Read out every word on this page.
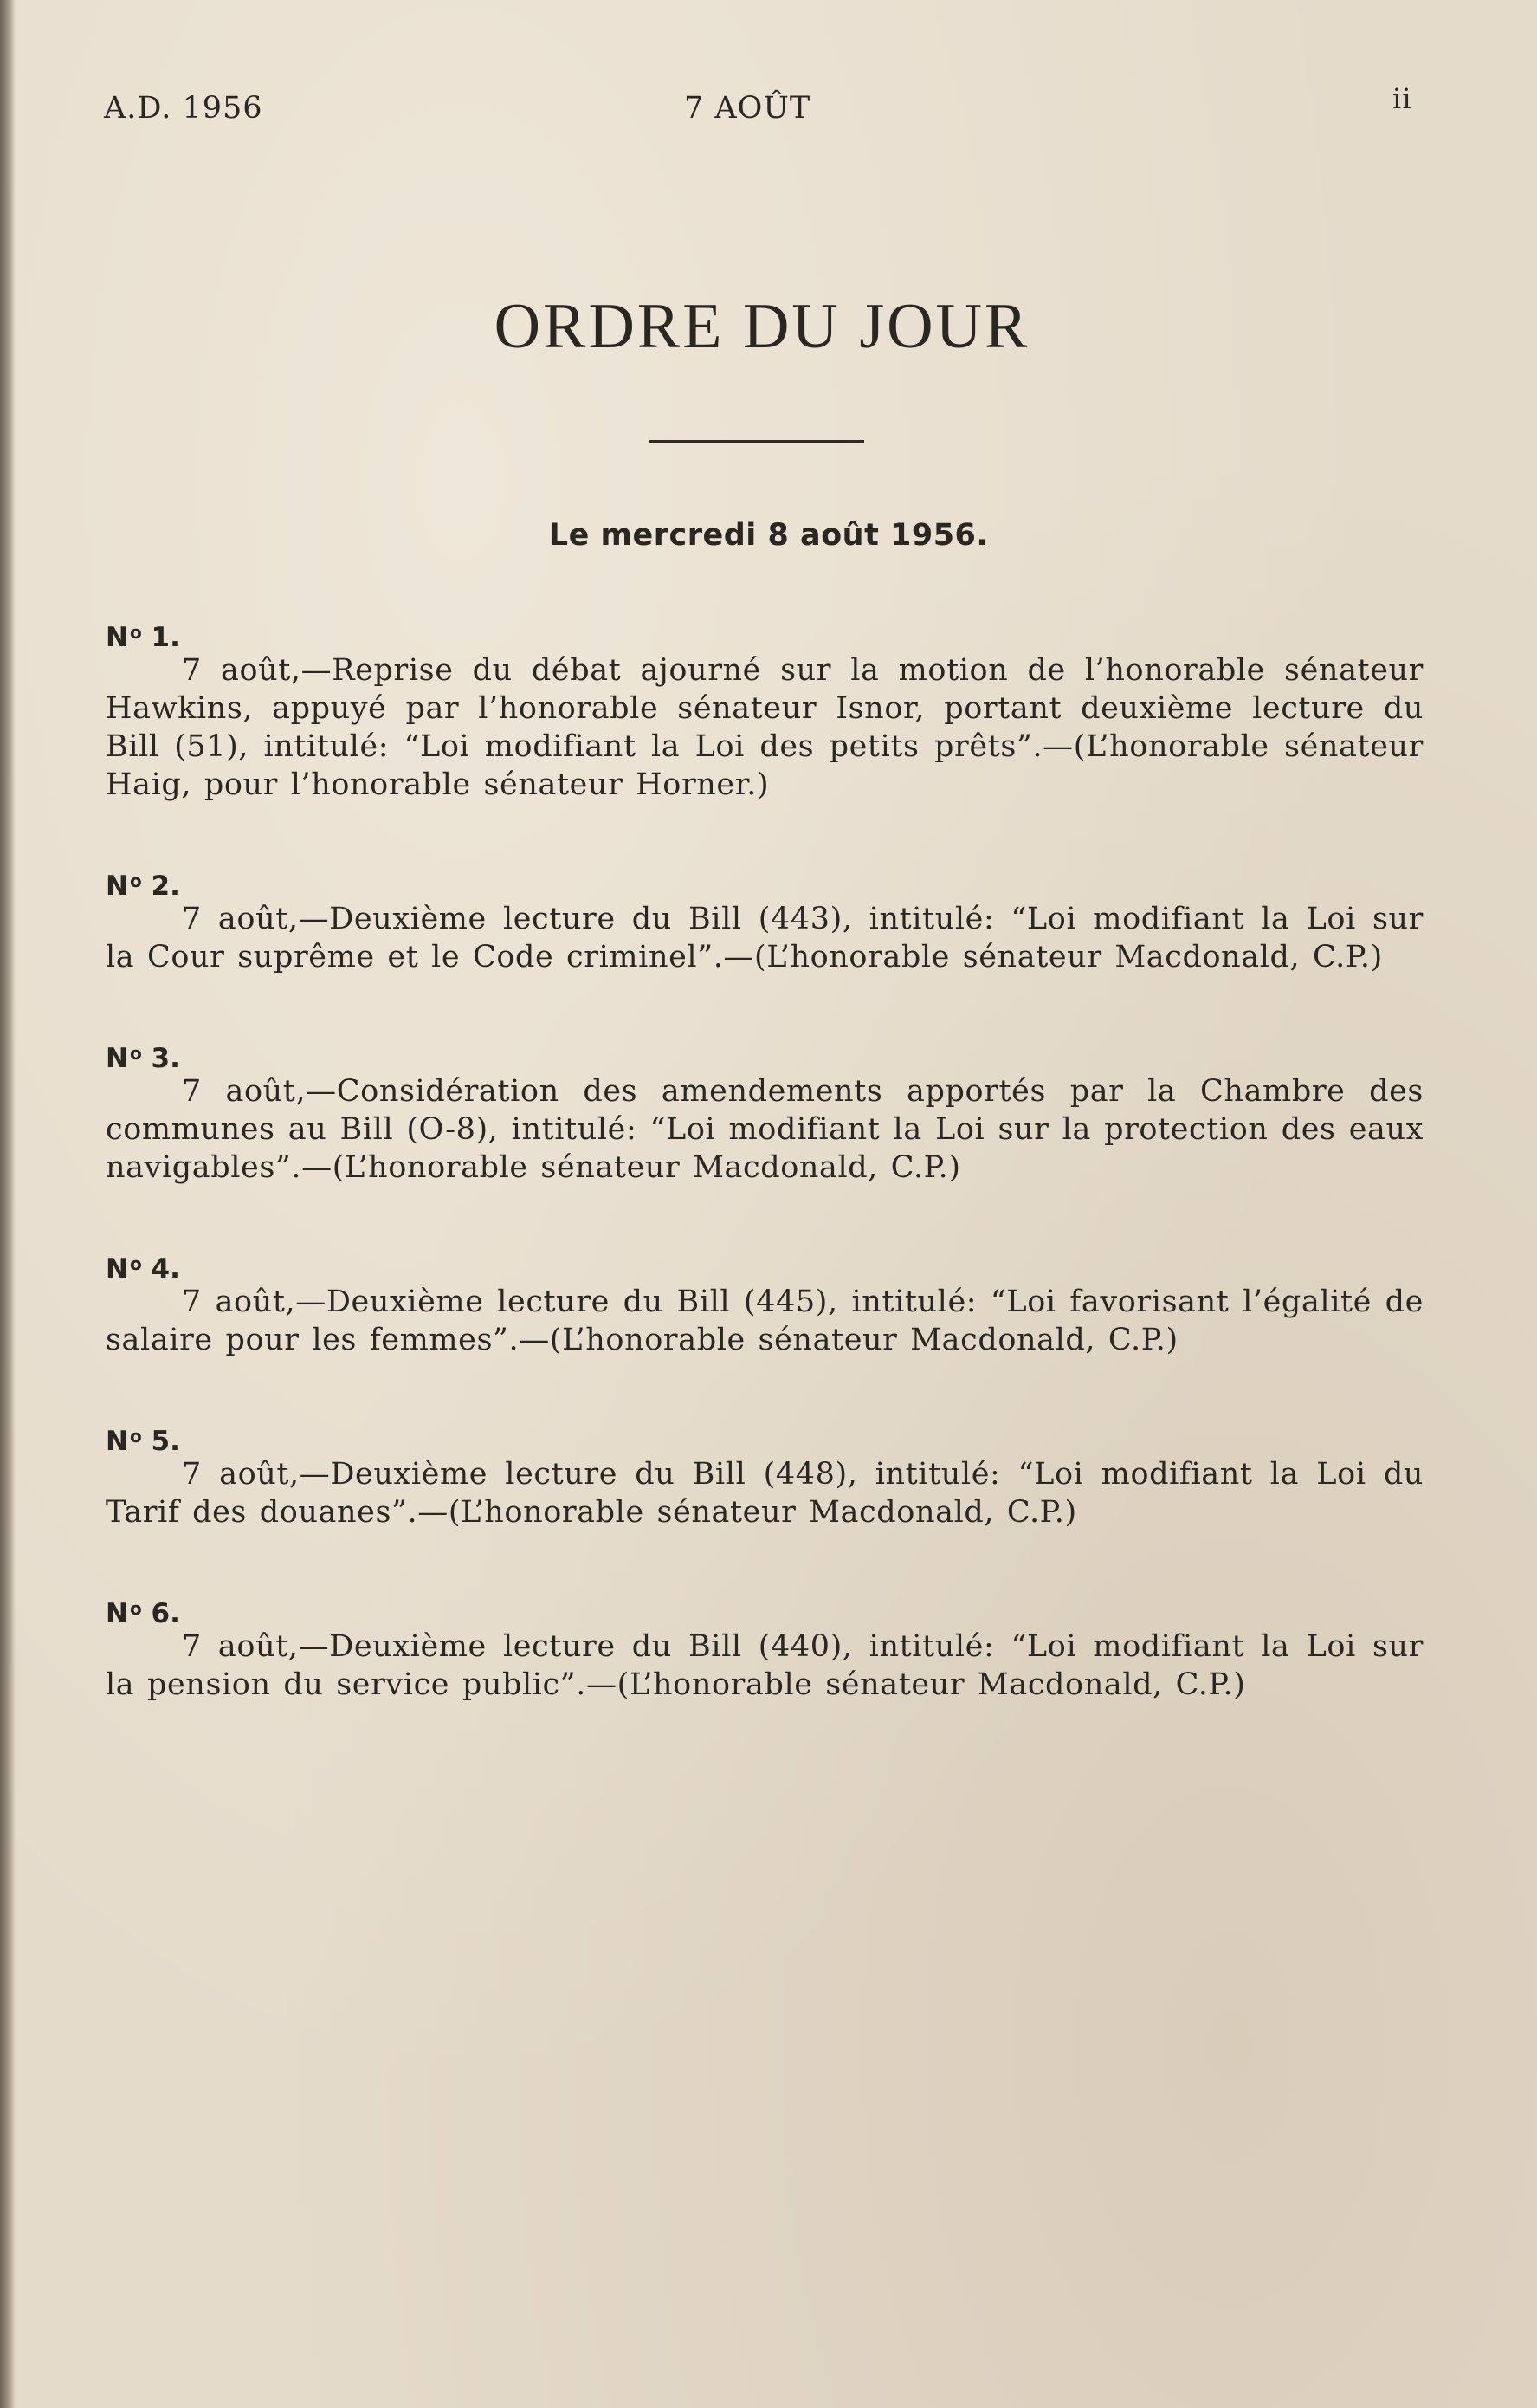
A.D. 1956	7 AOÛT	ii
ORDRE DU JOUR
Le mercredi 8 août 1956.
N $^o$ 1.
7 août,—Reprise du débat ajourné sur la motion de l’honorable sénateur Hawkins, appuyé par l’honorable sénateur Isnor, portant deuxième lecture du Bill (51), intitulé: “Loi modifiant la Loi des petits prêts”.—(L’honorable sénateur Haig, pour l’honorable sénateur Horner.)
N $^o$ 2.
7 août,—Deuxième lecture du Bill (443), intitulé: “Loi modifiant la Loi sur la Cour suprême et le Code criminel”.—(L’honorable sénateur Macdonald, C.P.)
N $^o$ 3.
7 août,—Considération des amendements apportés par la Chambre des communes au Bill (O-8), intitulé: “Loi modifiant la Loi sur la protection des eaux navigables”.—(L’honorable sénateur Macdonald, C.P.)
N $^o$ 4.
7 août,—Deuxième lecture du Bill (445), intitulé: “Loi favorisant l’égalité de salaire pour les femmes”.—(L’honorable sénateur Macdonald, C.P.)
N $^o$ 5.
7 août,—Deuxième lecture du Bill (448), intitulé: “Loi modifiant la Loi du Tarif des douanes”.—(L’honorable sénateur Macdonald, C.P.)
N $^o$ 6.
7 août,—Deuxième lecture du Bill (440), intitulé: “Loi modifiant la Loi sur la pension du service public”.—(L’honorable sénateur Macdonald, C.P.)
